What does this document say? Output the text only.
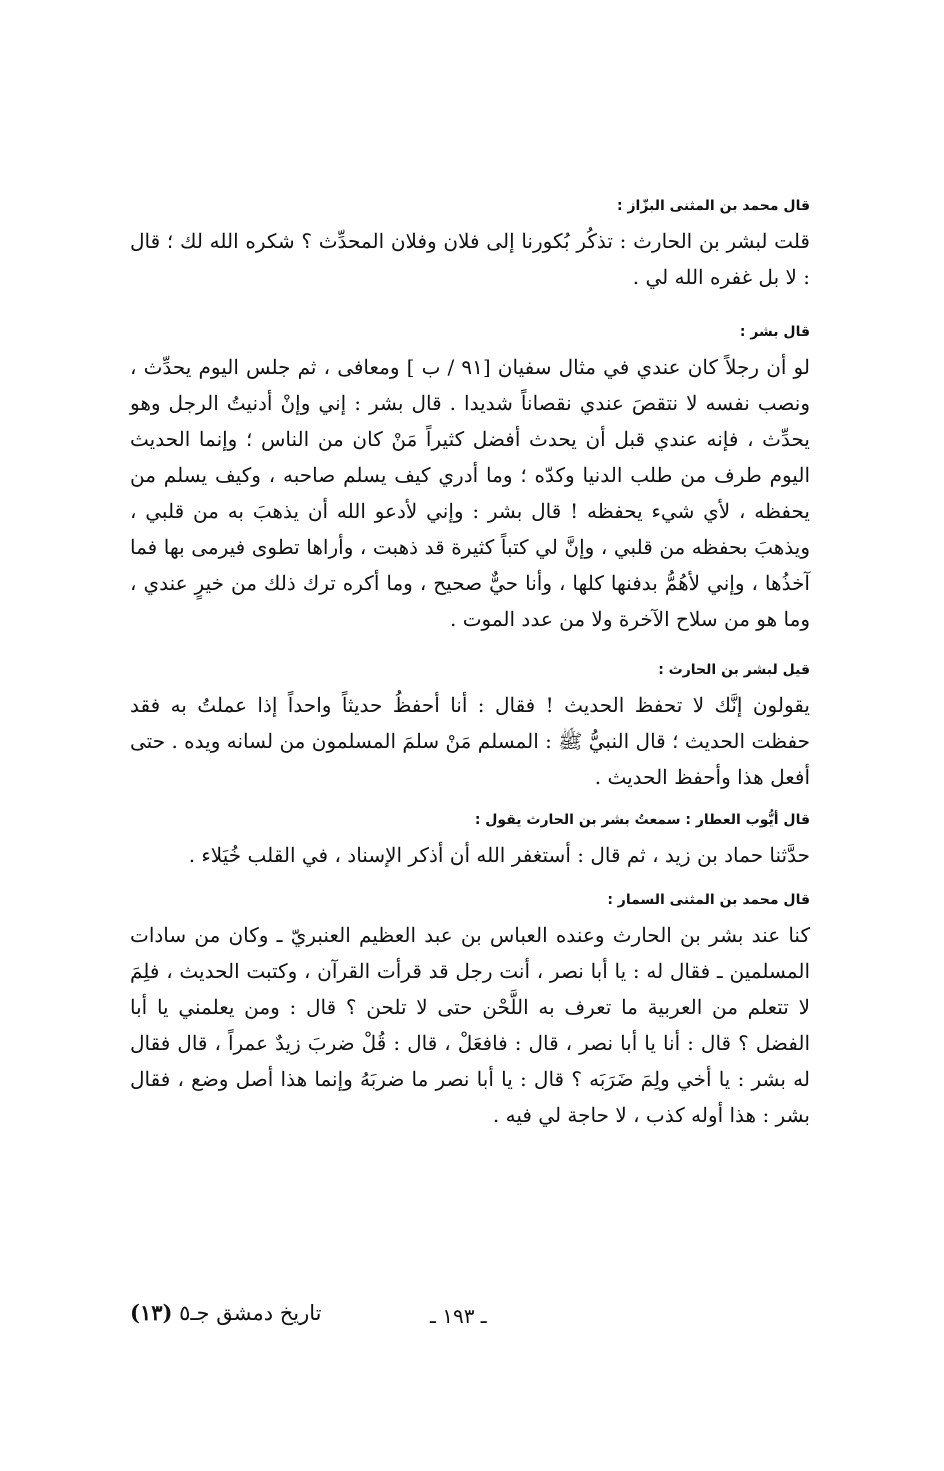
قال محمد بن المثنى البزّاز :

قلت لبشر بن الحارث : تذكُر بُكورنا إلى فلان وفلان المحدِّث ؟ شكره الله لك ؛ قال : لا بل غفره الله لي .

قال بشر :

لو أن رجلاً كان عندي في مثال سفيان [٩١ / ب ] ومعافى ، ثم جلس اليوم يحدِّث ، ونصب نفسه لا نتقصَ عندي نقصاناً شديدا . قال بشر : إني وإنْ أدنيتُ الرجل وهو يحدِّث ، فإنه عندي قبل أن يحدث أفضل كثيراً مَنْ كان من الناس ؛ وإنما الحديث اليوم طرف من طلب الدنيا وكدّه ؛ وما أدري كيف يسلم صاحبه ، وكيف يسلم من يحفظه ، لأي شيء يحفظه ! قال بشر : وإني لأدعو الله أن يذهبَ به من قلبي ، ويذهبَ بحفظه من قلبي ، وإنَّ لي كتباً كثيرة قد ذهبت ، وأراها تطوى فيرمى بها فما آخذُها ، وإني لأهُمُّ بدفنها كلها ، وأنا حيٌّ صحيح ، وما أكره ترك ذلك من خيرٍ عندي ، وما هو من سلاح الآخرة ولا من عدد الموت .

قيل لبشر بن الحارث :

يقولون إنَّك لا تحفظ الحديث ! فقال : أنا أحفظُ حديثاً واحداً إذا عملتُ به فقد حفظت الحديث ؛ قال النبيُّ ﷺ : المسلم مَنْ سلمَ المسلمون من لسانه ويده . حتى أفعل هذا وأحفظ الحديث .

قال أيُّوب العطار : سمعتُ بشر بن الحارث يقول :

حدَّثنا حماد بن زيد ، ثم قال : أستغفر الله أن أذكر الإسناد ، في القلب خُيَلاء .

قال محمد بن المثنى السمار :

كنا عند بشر بن الحارث وعنده العباس بن عبد العظيم العنبريّ ـ وكان من سادات المسلمين ـ فقال له : يا أبا نصر ، أنت رجل قد قرأت القرآن ، وكتبت الحديث ، فلِمَ لا تتعلم من العربية ما تعرف به اللَّحْن حتى لا تلحن ؟ قال : ومن يعلمني يا أبا الفضل ؟ قال : أنا يا أبا نصر ، قال : فافعَلْ ، قال : قُلْ ضربَ زيدٌ عمراً ، قال فقال له بشر : يا أخي ولِمَ ضَرَبَه ؟ قال : يا أبا نصر ما ضربَهُ وإنما هذا أصل وضع ، فقال بشر : هذا أوله كذب ، لا حاجة لي فيه .

تاريخ دمشق جـ٥ (١٣)	ـ ١٩٣ ـ
